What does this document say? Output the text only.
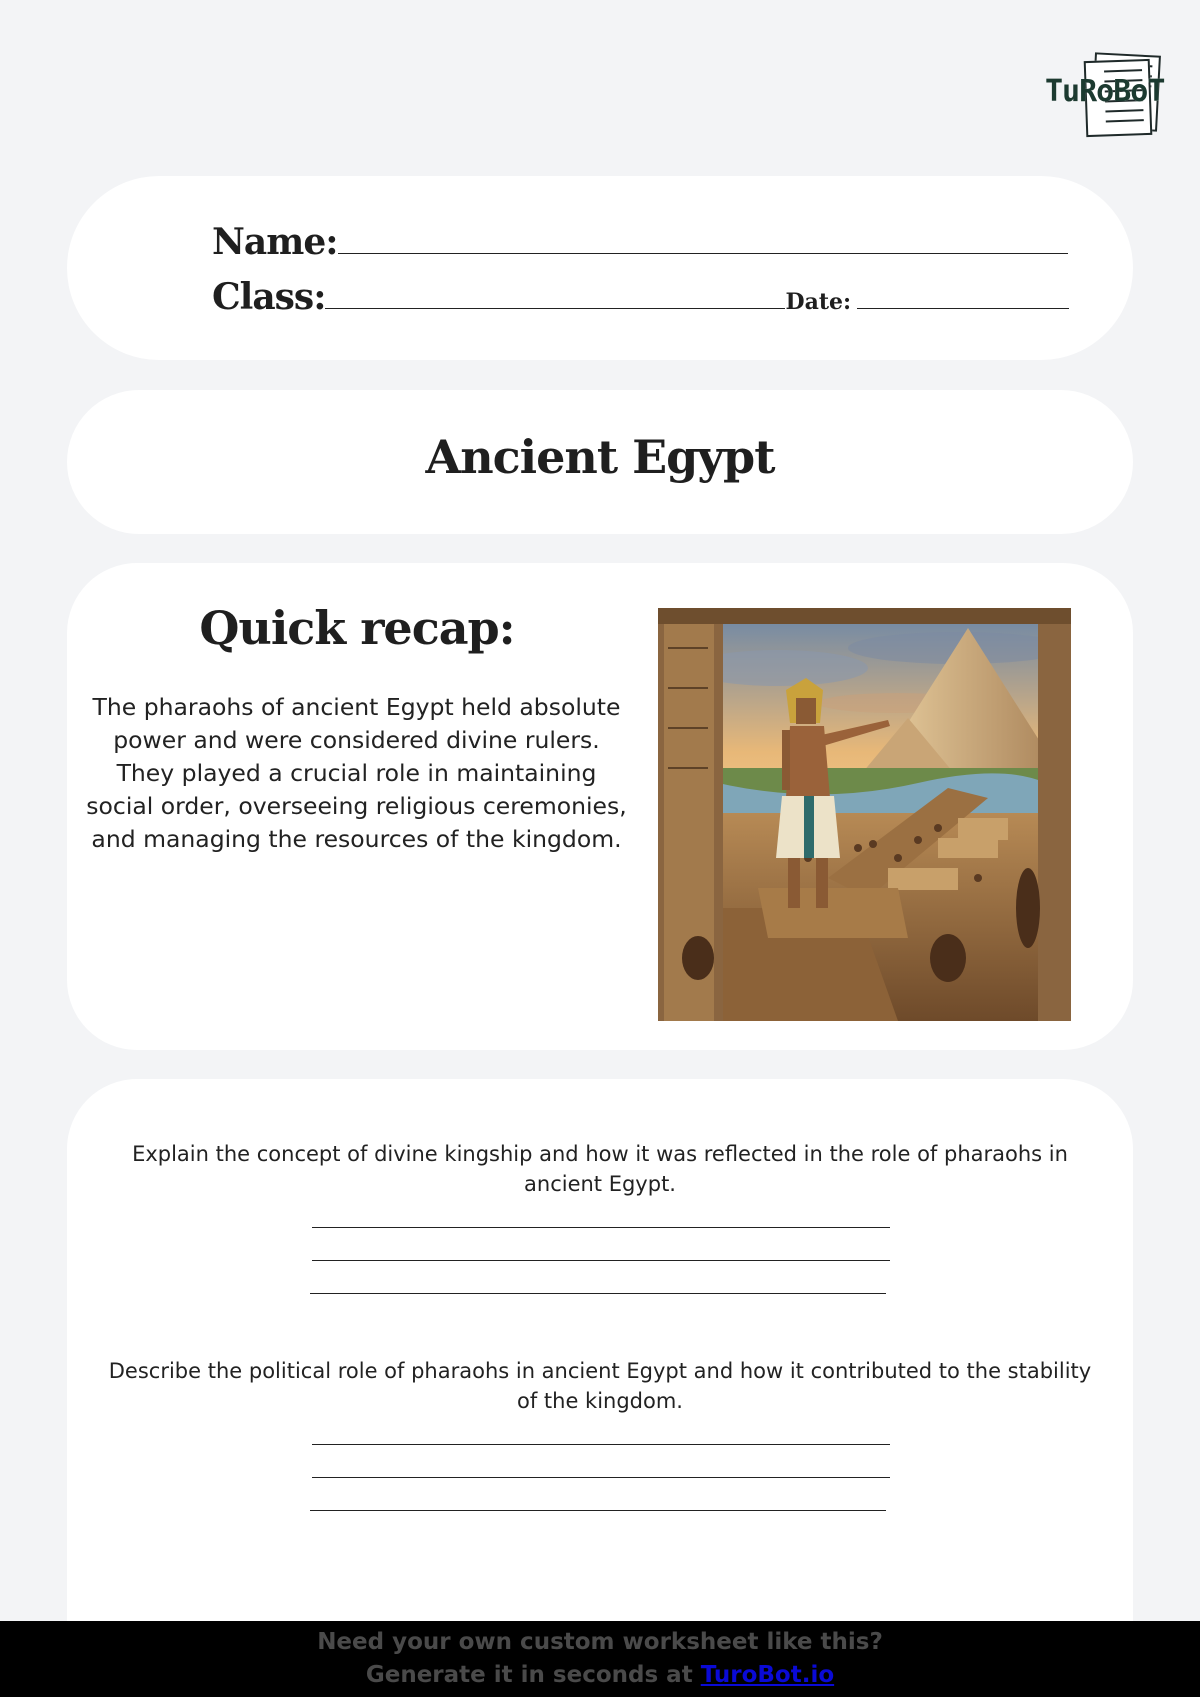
TuRoBoT
Name:
Class:	Date:
Ancient Egypt
Quick recap:
The pharaohs of ancient Egypt held absolute power and were considered divine rulers. They played a crucial role in maintaining social order, overseeing religious ceremonies, and managing the resources of the kingdom.
Explain the concept of divine kingship and how it was reflected in the role of pharaohs in ancient Egypt.
Describe the political role of pharaohs in ancient Egypt and how it contributed to the stability of the kingdom.
Need your own custom worksheet like this?
Generate it in seconds at TuroBot.io
